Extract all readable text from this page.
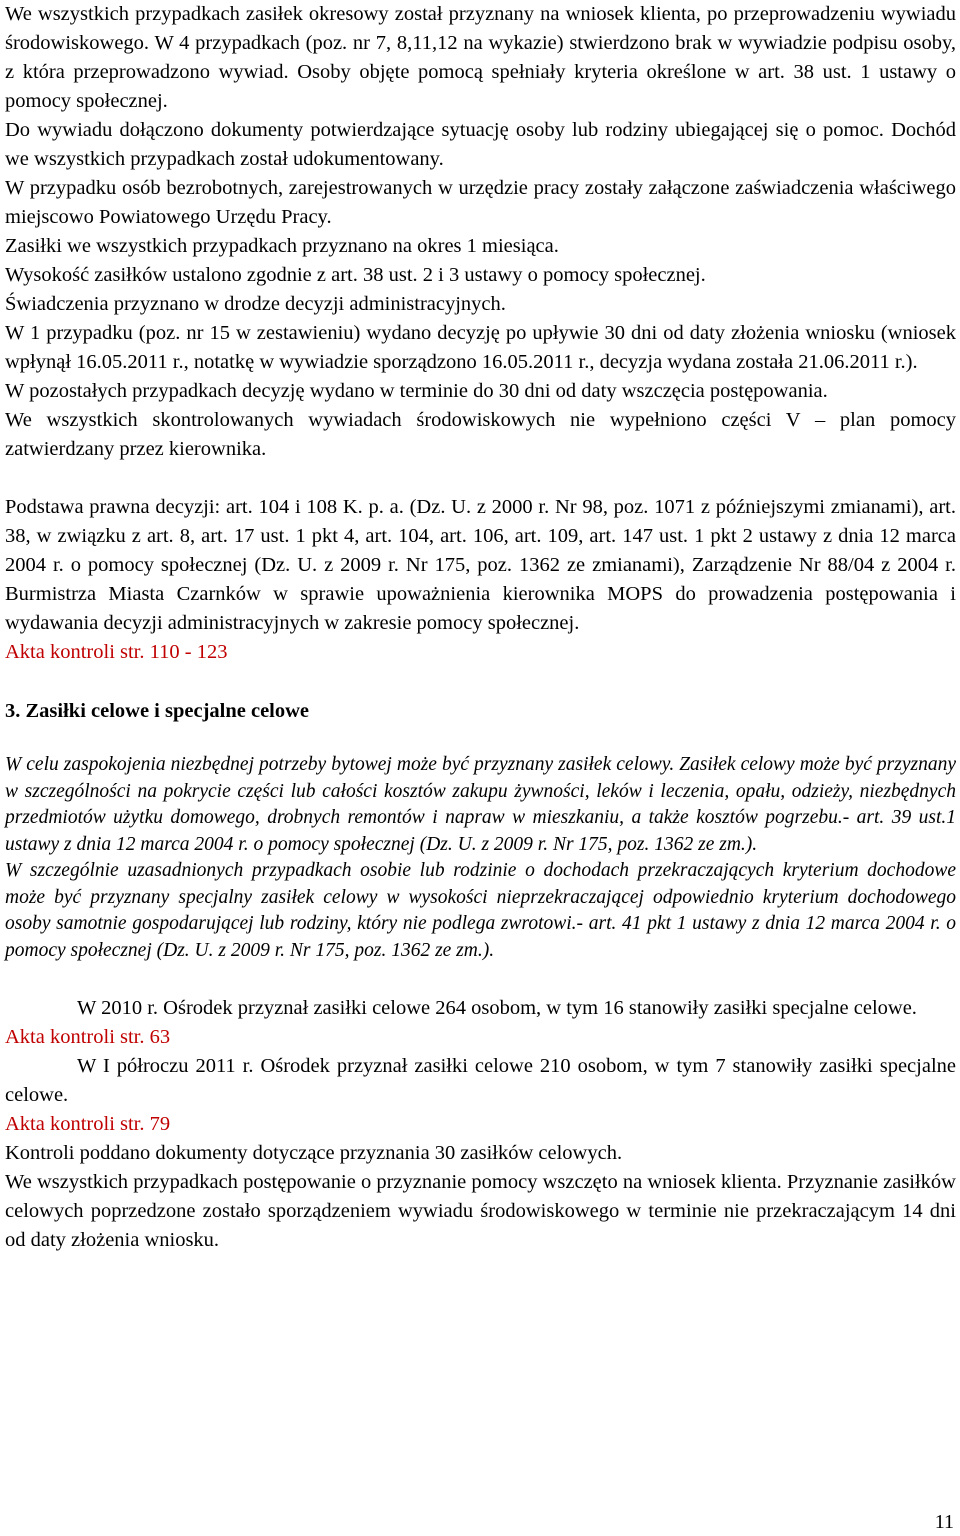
We wszystkich przypadkach zasiłek okresowy został przyznany na wniosek klienta, po przeprowadzeniu wywiadu środowiskowego. W 4 przypadkach (poz. nr 7, 8,11,12 na wykazie) stwierdzono brak w wywiadzie podpisu osoby, z która przeprowadzono wywiad. Osoby objęte pomocą spełniały kryteria określone w art. 38 ust. 1 ustawy o pomocy społecznej.

Do wywiadu dołączono dokumenty potwierdzające sytuację osoby lub rodziny ubiegającej się o pomoc. Dochód we wszystkich przypadkach został udokumentowany.

W przypadku osób bezrobotnych, zarejestrowanych w urzędzie pracy zostały załączone zaświadczenia właściwego miejscowo Powiatowego Urzędu Pracy.

Zasiłki we wszystkich przypadkach przyznano na okres 1 miesiąca.

Wysokość zasiłków ustalono zgodnie z art. 38 ust. 2 i 3 ustawy o pomocy społecznej.

Świadczenia przyznano w drodze decyzji administracyjnych.

W 1 przypadku (poz. nr 15 w zestawieniu) wydano decyzję po upływie 30 dni od daty złożenia wniosku (wniosek wpłynął 16.05.2011 r., notatkę w wywiadzie sporządzono 16.05.2011 r., decyzja wydana została 21.06.2011 r.).

W pozostałych przypadkach decyzję wydano w terminie do 30 dni od daty wszczęcia postępowania.

We wszystkich skontrolowanych wywiadach środowiskowych nie wypełniono części V – plan pomocy zatwierdzany przez kierownika.

Podstawa prawna decyzji: art. 104 i 108 K. p. a. (Dz. U. z 2000 r. Nr 98, poz. 1071 z późniejszymi zmianami), art. 38, w związku z art. 8, art. 17 ust. 1 pkt 4, art. 104, art. 106, art. 109, art. 147 ust. 1 pkt 2 ustawy z dnia 12 marca 2004 r. o pomocy społecznej (Dz. U. z 2009 r. Nr 175, poz. 1362 ze zmianami), Zarządzenie Nr 88/04 z 2004 r. Burmistrza Miasta Czarnków w sprawie upoważnienia kierownika MOPS do prowadzenia postępowania i wydawania decyzji administracyjnych w zakresie pomocy społecznej.

Akta kontroli str. 110 - 123

3. Zasiłki celowe i specjalne celowe

W celu zaspokojenia niezbędnej potrzeby bytowej może być przyznany zasiłek celowy. Zasiłek celowy może być przyznany w szczególności na pokrycie części lub całości kosztów zakupu żywności, leków i leczenia, opału, odzieży, niezbędnych przedmiotów użytku domowego, drobnych remontów i napraw w mieszkaniu, a także kosztów pogrzebu.- art. 39 ust.1 ustawy z dnia 12 marca 2004 r. o pomocy społecznej (Dz. U. z 2009 r. Nr 175, poz. 1362 ze zm.).

W szczególnie uzasadnionych przypadkach osobie lub rodzinie o dochodach przekraczających kryterium dochodowe może być przyznany specjalny zasiłek celowy w wysokości nieprzekraczającej odpowiednio kryterium dochodowego osoby samotnie gospodarującej lub rodziny, który nie podlega zwrotowi.- art. 41 pkt 1 ustawy z dnia 12 marca 2004 r. o pomocy społecznej (Dz. U. z 2009 r. Nr 175, poz. 1362 ze zm.).

W 2010 r. Ośrodek przyznał zasiłki celowe 264 osobom, w tym 16 stanowiły zasiłki specjalne celowe.

Akta kontroli str. 63

W I półroczu 2011 r. Ośrodek przyznał zasiłki celowe 210 osobom, w tym 7 stanowiły zasiłki specjalne celowe.

Akta kontroli str. 79

Kontroli poddano dokumenty dotyczące przyznania 30 zasiłków celowych.

We wszystkich przypadkach postępowanie o przyznanie pomocy wszczęto na wniosek klienta. Przyznanie zasiłków celowych poprzedzone zostało sporządzeniem wywiadu środowiskowego w terminie nie przekraczającym 14 dni od daty złożenia wniosku.

11
